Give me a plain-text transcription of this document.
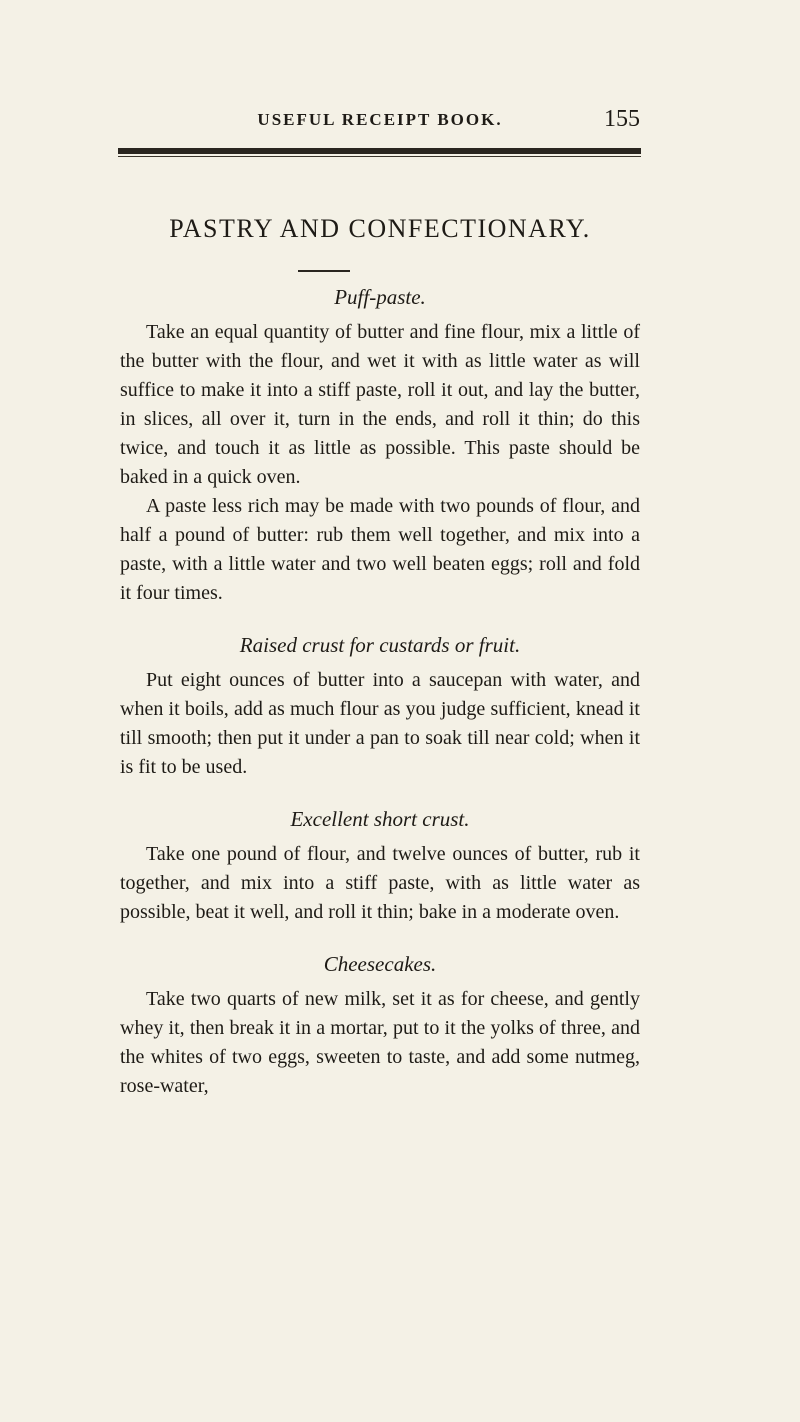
USEFUL RECEIPT BOOK.	155
PASTRY AND CONFECTIONARY.
Puff-paste.

Take an equal quantity of butter and fine flour, mix a little of the butter with the flour, and wet it with as little water as will suffice to make it into a stiff paste, roll it out, and lay the butter, in slices, all over it, turn in the ends, and roll it thin; do this twice, and touch it as little as possible. This paste should be baked in a quick oven.

A paste less rich may be made with two pounds of flour, and half a pound of butter: rub them well together, and mix into a paste, with a little water and two well beaten eggs; roll and fold it four times.

Raised crust for custards or fruit.

Put eight ounces of butter into a saucepan with water, and when it boils, add as much flour as you judge sufficient, knead it till smooth; then put it under a pan to soak till near cold; when it is fit to be used.

Excellent short crust.

Take one pound of flour, and twelve ounces of butter, rub it together, and mix into a stiff paste, with as little water as possible, beat it well, and roll it thin; bake in a moderate oven.

Cheesecakes.

Take two quarts of new milk, set it as for cheese, and gently whey it, then break it in a mortar, put to it the yolks of three, and the whites of two eggs, sweeten to taste, and add some nutmeg, rose-water,
